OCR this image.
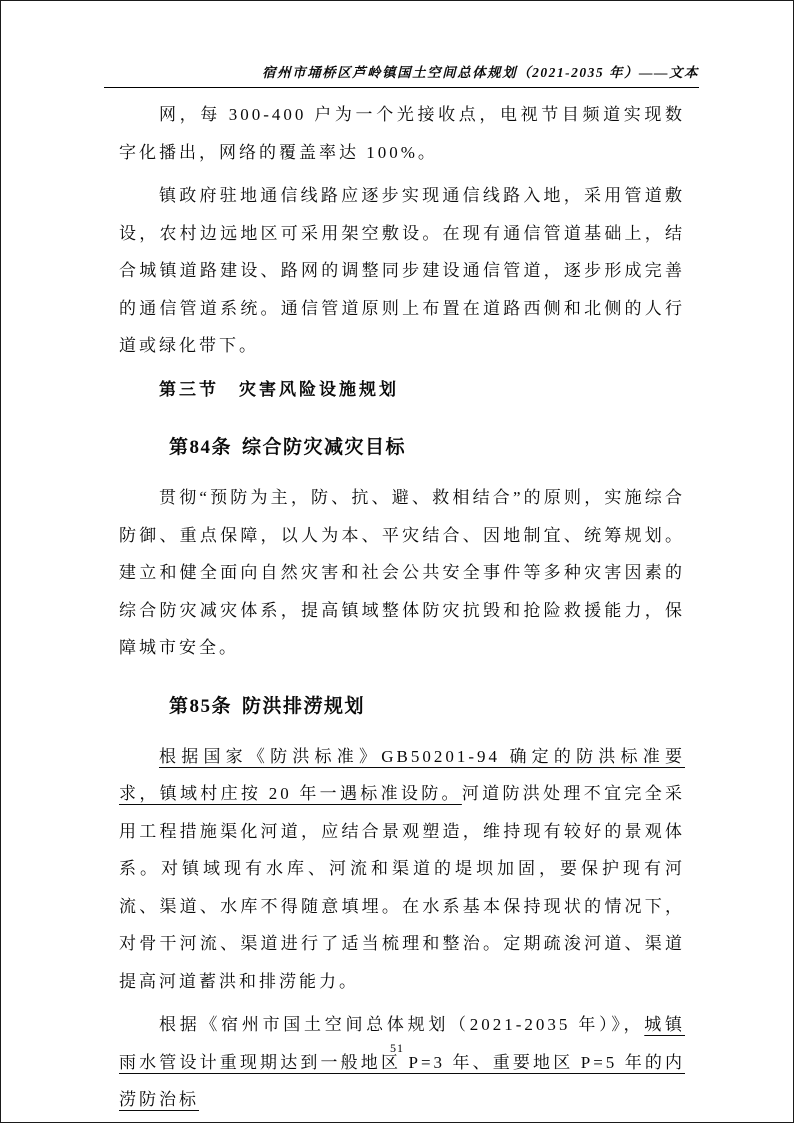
宿州市埇桥区芦岭镇国土空间总体规划（2021-2035 年）——文本

网，每 300-400 户为一个光接收点，电视节目频道实现数字化播出，网络的覆盖率达 100%。

镇政府驻地通信线路应逐步实现通信线路入地，采用管道敷设，农村边远地区可采用架空敷设。在现有通信管道基础上，结合城镇道路建设、路网的调整同步建设通信管道，逐步形成完善的通信管道系统。通信管道原则上布置在道路西侧和北侧的人行道或绿化带下。

第三节　灾害风险设施规划

第84条 综合防灾减灾目标

贯彻“预防为主，防、抗、避、救相结合”的原则，实施综合防御、重点保障，以人为本、平灾结合、因地制宜、统筹规划。建立和健全面向自然灾害和社会公共安全事件等多种灾害因素的综合防灾减灾体系，提高镇域整体防灾抗毁和抢险救援能力，保障城市安全。

第85条 防洪排涝规划

根据国家《防洪标准》GB50201-94 确定的防洪标准要求，镇域村庄按 20 年一遇标准设防。河道防洪处理不宜完全采用工程措施渠化河道，应结合景观塑造，维持现有较好的景观体系。对镇域现有水库、河流和渠道的堤坝加固，要保护现有河流、渠道、水库不得随意填埋。在水系基本保持现状的情况下，对骨干河流、渠道进行了适当梳理和整治。定期疏浚河道、渠道提高河道蓄洪和排涝能力。

根据《宿州市国土空间总体规划（2021-2035 年）》，城镇雨水管设计重现期达到一般地区 P=3 年、重要地区 P=5 年的内涝防治标

51
